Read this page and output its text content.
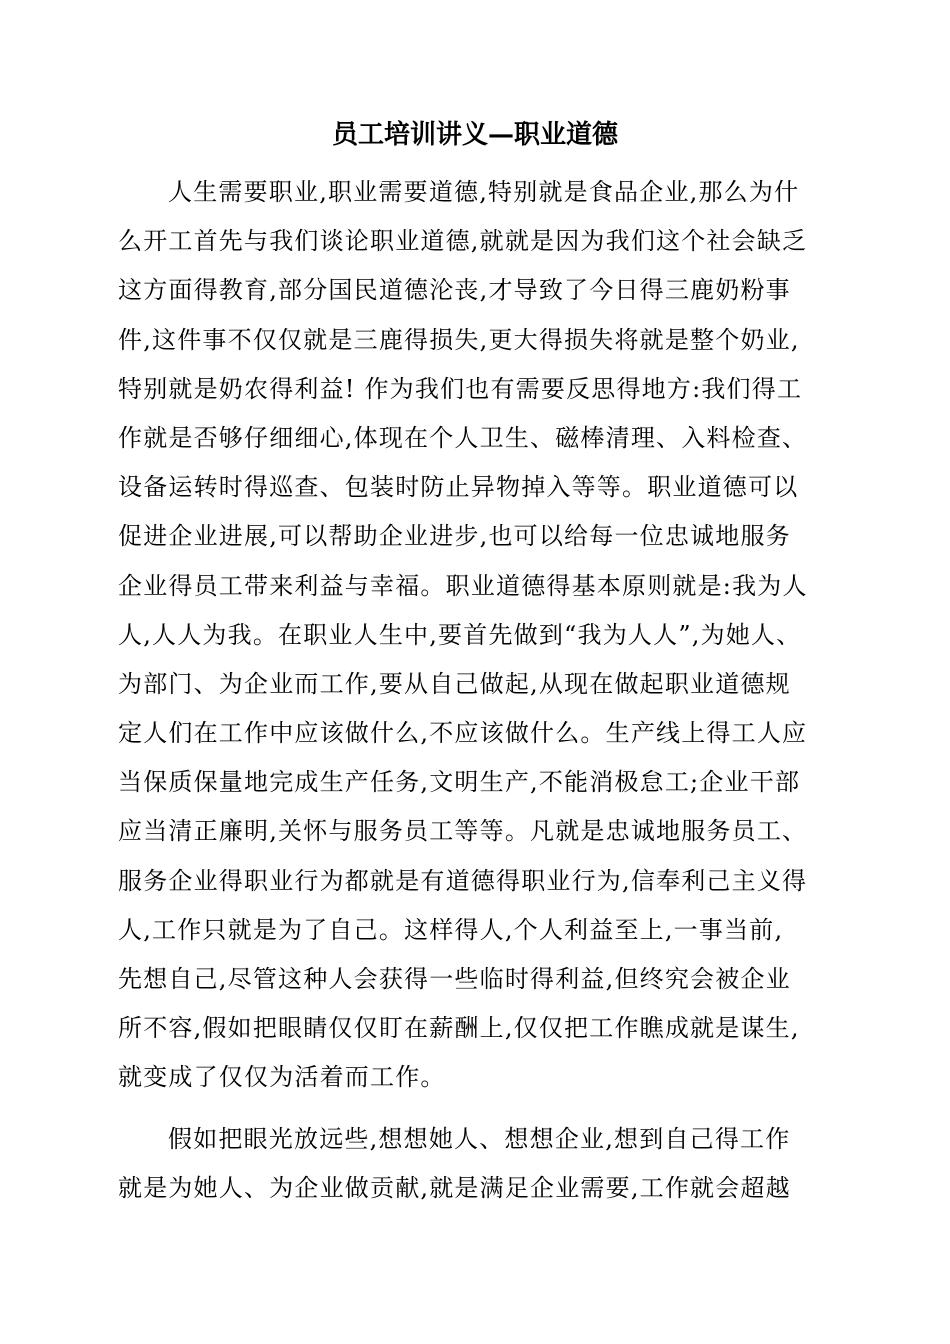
员工培训讲义—职业道德
人生需要职业,职业需要道德,特别就是食品企业,那么为什
么开工首先与我们谈论职业道德,就就是因为我们这个社会缺乏
这方面得教育,部分国民道德沦丧,才导致了今日得三鹿奶粉事
件,这件事不仅仅就是三鹿得损失,更大得损失将就是整个奶业,
特别就是奶农得利益! 作为我们也有需要反思得地方:我们得工
作就是否够仔细细心,体现在个人卫生、磁棒清理、入料检查、
设备运转时得巡查、包装时防止异物掉入等等。职业道德可以
促进企业进展,可以帮助企业进步,也可以给每一位忠诚地服务
企业得员工带来利益与幸福。职业道德得基本原则就是:我为人
人,人人为我。在职业人生中,要首先做到“我为人人”,为她人、
为部门、为企业而工作,要从自己做起,从现在做起职业道德规
定人们在工作中应该做什么,不应该做什么。生产线上得工人应
当保质保量地完成生产任务,文明生产,不能消极怠工;企业干部
应当清正廉明,关怀与服务员工等等。凡就是忠诚地服务员工、
服务企业得职业行为都就是有道德得职业行为,信奉利己主义得
人,工作只就是为了自己。这样得人,个人利益至上,一事当前,
先想自己,尽管这种人会获得一些临时得利益,但终究会被企业
所不容,假如把眼睛仅仅盯在薪酬上,仅仅把工作瞧成就是谋生,
就变成了仅仅为活着而工作。
假如把眼光放远些,想想她人、想想企业,想到自己得工作
就是为她人、为企业做贡献,就是满足企业需要,工作就会超越
